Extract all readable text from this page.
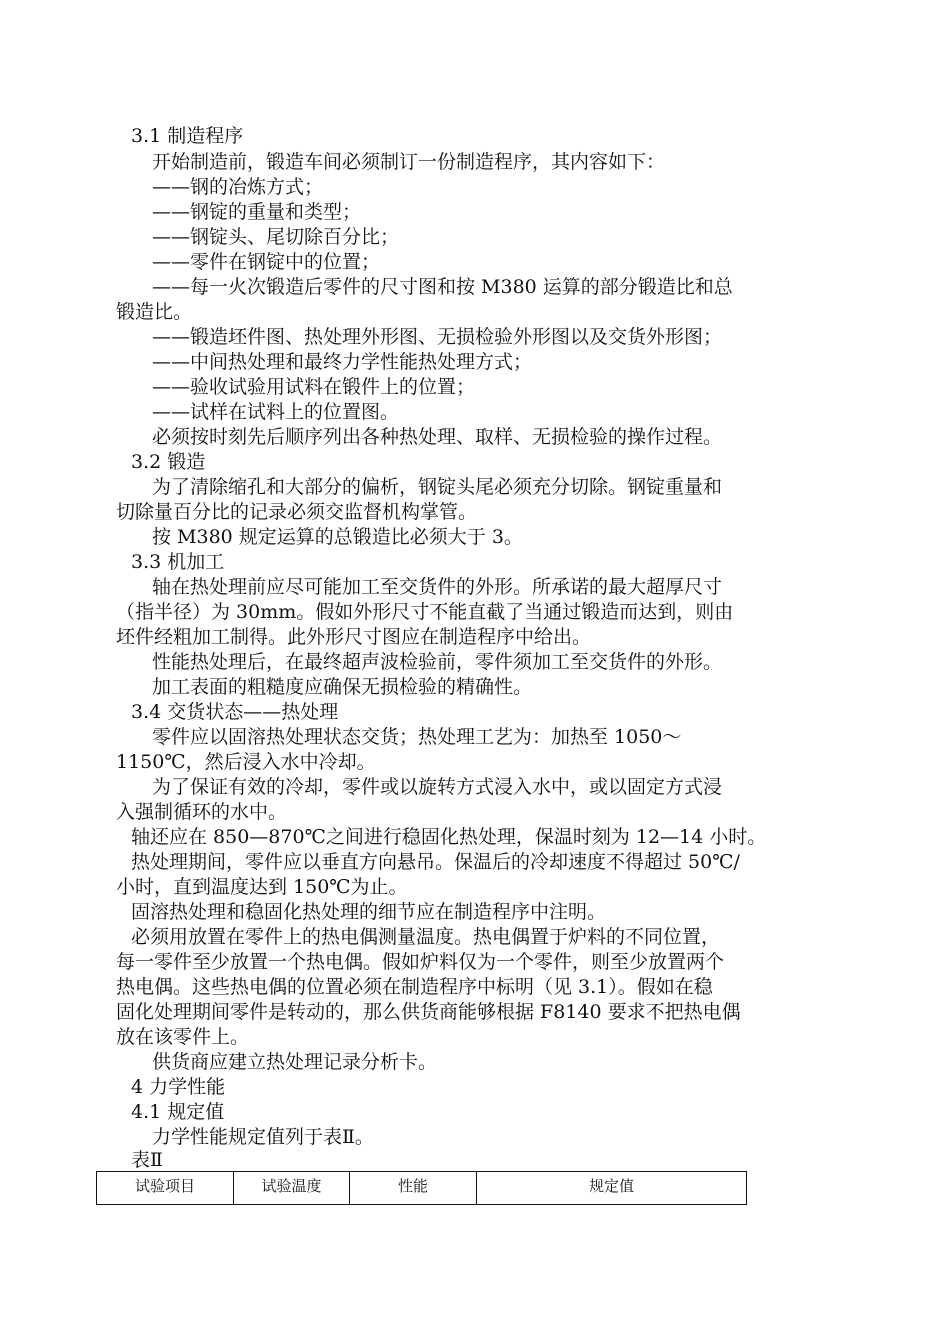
3.1 制造程序
开始制造前，锻造车间必须制订一份制造程序，其内容如下：
——钢的冶炼方式；
——钢锭的重量和类型；
——钢锭头、尾切除百分比；
——零件在钢锭中的位置；
——每一火次锻造后零件的尺寸图和按 M380 运算的部分锻造比和总
锻造比。
——锻造坯件图、热处理外形图、无损检验外形图以及交货外形图；
——中间热处理和最终力学性能热处理方式；
——验收试验用试料在锻件上的位置；
——试样在试料上的位置图。
必须按时刻先后顺序列出各种热处理、取样、无损检验的操作过程。
3.2 锻造
为了清除缩孔和大部分的偏析，钢锭头尾必须充分切除。钢锭重量和
切除量百分比的记录必须交监督机构掌管。
按 M380 规定运算的总锻造比必须大于 3。
3.3 机加工
轴在热处理前应尽可能加工至交货件的外形。所承诺的最大超厚尺寸
（指半径）为 30mm。假如外形尺寸不能直截了当通过锻造而达到，则由
坯件经粗加工制得。此外形尺寸图应在制造程序中给出。
性能热处理后，在最终超声波检验前，零件须加工至交货件的外形。
加工表面的粗糙度应确保无损检验的精确性。
3.4 交货状态——热处理
零件应以固溶热处理状态交货；热处理工艺为：加热至 1050～
1150℃，然后浸入水中冷却。
为了保证有效的冷却，零件或以旋转方式浸入水中，或以固定方式浸
入强制循环的水中。
轴还应在 850—870℃之间进行稳固化热处理，保温时刻为 12—14 小时。
热处理期间，零件应以垂直方向悬吊。保温后的冷却速度不得超过 50℃/
小时，直到温度达到 150℃为止。
固溶热处理和稳固化热处理的细节应在制造程序中注明。
必须用放置在零件上的热电偶测量温度。热电偶置于炉料的不同位置，
每一零件至少放置一个热电偶。假如炉料仅为一个零件，则至少放置两个
热电偶。这些热电偶的位置必须在制造程序中标明（见 3.1）。假如在稳
固化处理期间零件是转动的，那么供货商能够根据 F8140 要求不把热电偶
放在该零件上。
供货商应建立热处理记录分析卡。
4 力学性能
4.1 规定值
力学性能规定值列于表Ⅱ。
表Ⅱ
试验项目	试验温度	性能	规定值
